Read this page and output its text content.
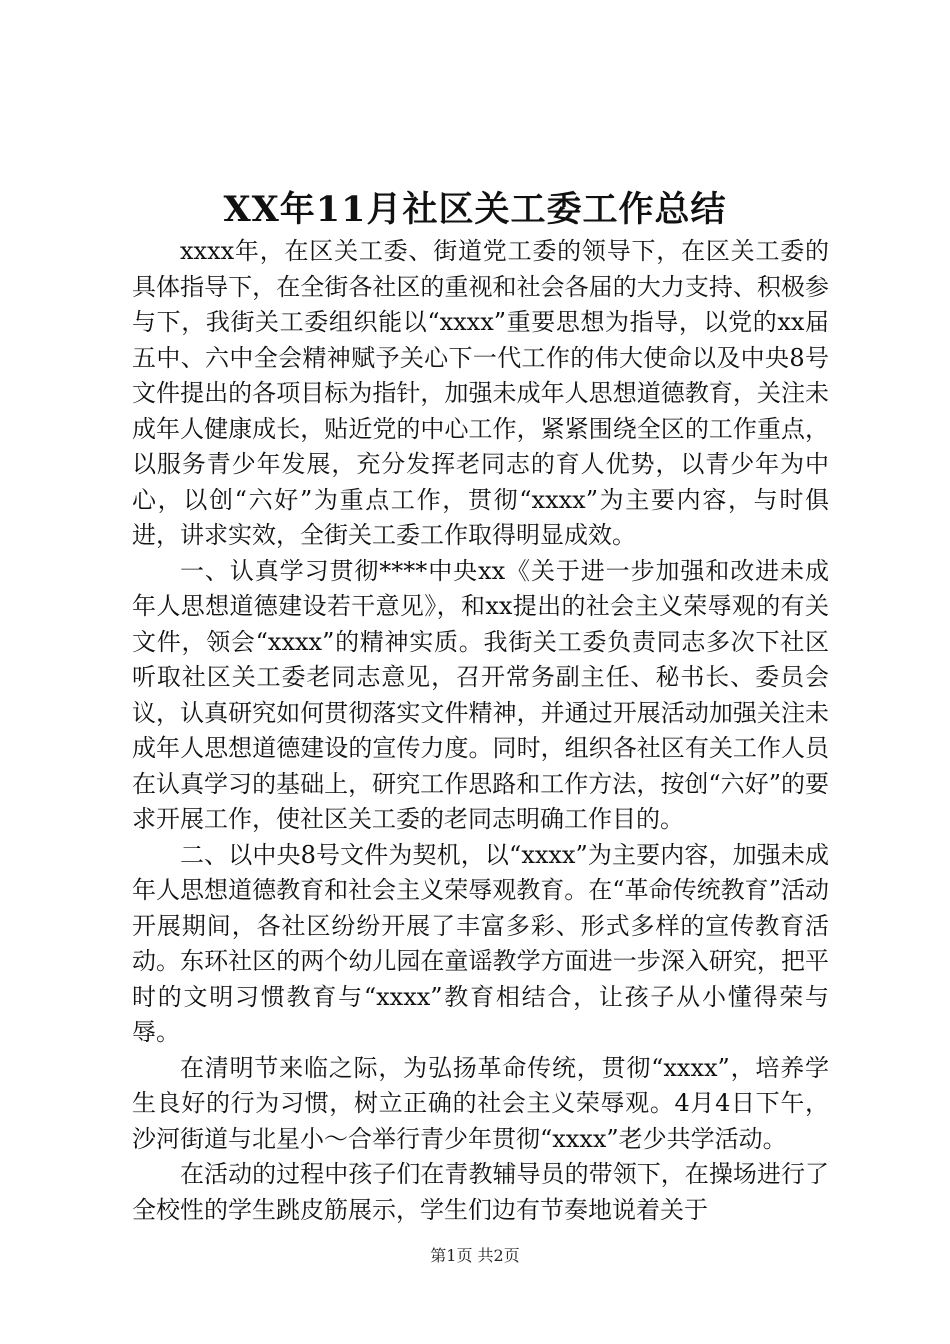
XX年11月社区关工委工作总结

xxxx年，在区关工委、街道党工委的领导下，在区关工委的具体指导下，在全街各社区的重视和社会各届的大力支持、积极参与下，我街关工委组织能以“xxxx”重要思想为指导，以党的xx届五中、六中全会精神赋予关心下一代工作的伟大使命以及中央8号文件提出的各项目标为指针，加强未成年人思想道德教育，关注未成年人健康成长，贴近党的中心工作，紧紧围绕全区的工作重点，以服务青少年发展，充分发挥老同志的育人优势，以青少年为中心，以创“六好”为重点工作，贯彻“xxxx”为主要内容，与时俱进，讲求实效，全街关工委工作取得明显成效。

一、认真学习贯彻****中央xx《关于进一步加强和改进未成年人思想道德建设若干意见》，和xx提出的社会主义荣辱观的有关文件，领会“xxxx”的精神实质。我街关工委负责同志多次下社区听取社区关工委老同志意见，召开常务副主任、秘书长、委员会议，认真研究如何贯彻落实文件精神，并通过开展活动加强关注未成年人思想道德建设的宣传力度。同时，组织各社区有关工作人员在认真学习的基础上，研究工作思路和工作方法，按创“六好”的要求开展工作，使社区关工委的老同志明确工作目的。

二、以中央8号文件为契机，以“xxxx”为主要内容，加强未成年人思想道德教育和社会主义荣辱观教育。在“革命传统教育”活动开展期间，各社区纷纷开展了丰富多彩、形式多样的宣传教育活动。东环社区的两个幼儿园在童谣教学方面进一步深入研究，把平时的文明习惯教育与“xxxx”教育相结合，让孩子从小懂得荣与辱。

在清明节来临之际，为弘扬革命传统，贯彻“xxxx”，培养学生良好的行为习惯，树立正确的社会主义荣辱观。4月4日下午，沙河街道与北星小～合举行青少年贯彻“xxxx”老少共学活动。

在活动的过程中孩子们在青教辅导员的带领下，在操场进行了全校性的学生跳皮筋展示，学生们边有节奏地说着关于

第1页 共2页
